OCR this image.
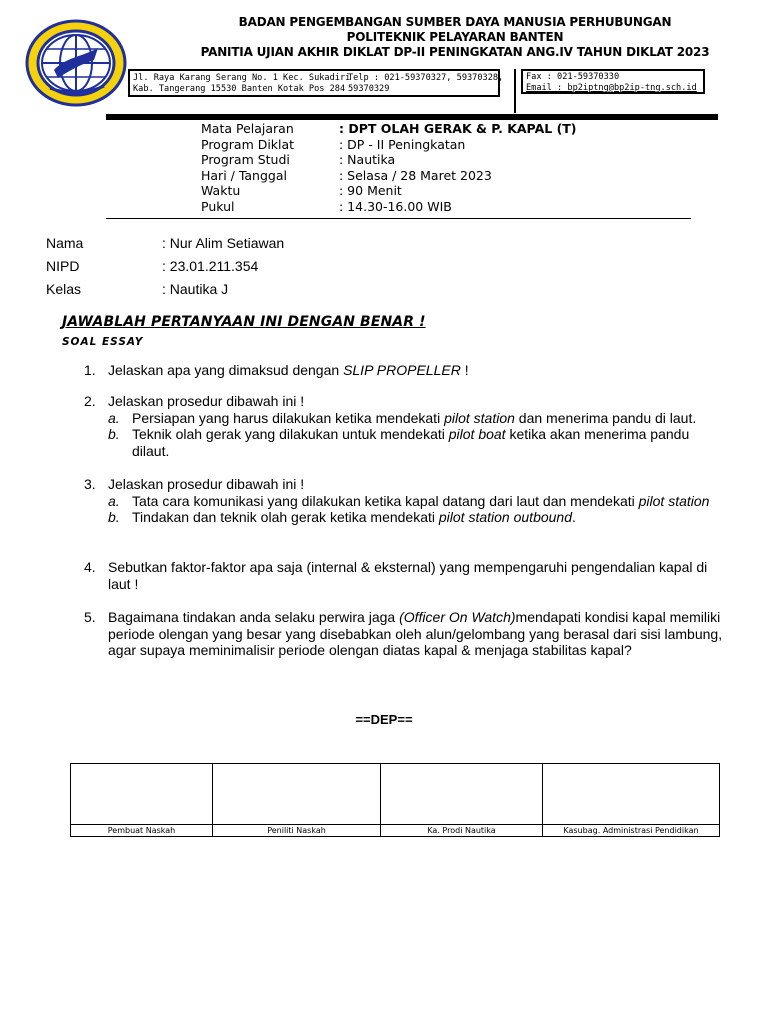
BADAN PENGEMBANGAN SUMBER DAYA MANUSIA PERHUBUNGAN
POLITEKNIK PELAYARAN BANTEN
PANITIA UJIAN AKHIR DIKLAT DP-II PENINGKATAN ANG.IV TAHUN DIKLAT 2023
Jl. Raya Karang Serang No. 1 Kec. Sukadiri
Kab. Tangerang 15530 Banten Kotak Pos 284
Telp : 021-59370327, 59370328,
59370329
Fax : 021-59370330
Email : bp2iptng@bp2ip-tng.sch.id
Mata Pelajaran	: DPT OLAH GERAK & P. KAPAL (T)
Program Diklat	: DP - II Peningkatan
Program Studi	: Nautika
Hari / Tanggal	: Selasa / 28 Maret 2023
Waktu	: 90 Menit
Pukul	: 14.30-16.00 WIB
Nama	: Nur Alim Setiawan
NIPD	: 23.01.211.354
Kelas	: Nautika J
JAWABLAH PERTANYAAN INI DENGAN BENAR !
SOAL ESSAY
1. Jelaskan apa yang dimaksud dengan SLIP PROPELLER !
2. Jelaskan prosedur dibawah ini !
a. Persiapan yang harus dilakukan ketika mendekati pilot station dan menerima pandu di laut.
b. Teknik olah gerak yang dilakukan untuk mendekati pilot boat ketika akan menerima pandu dilaut.
3. Jelaskan prosedur dibawah ini !
a. Tata cara komunikasi yang dilakukan ketika kapal datang dari laut dan mendekati pilot station
b. Tindakan dan teknik olah gerak ketika mendekati pilot station outbound.
4. Sebutkan faktor-faktor apa saja (internal & eksternal) yang mempengaruhi pengendalian kapal di laut !
5. Bagaimana tindakan anda selaku perwira jaga (Officer On Watch)mendapati kondisi kapal memiliki periode olengan yang besar yang disebabkan oleh alun/gelombang yang berasal dari sisi lambung, agar supaya meminimalisir periode olengan diatas kapal & menjaga stabilitas kapal?
==DEP==
Pembuat Naskah	Peniliti Naskah	Ka. Prodi Nautika	Kasubag. Administrasi Pendidikan
